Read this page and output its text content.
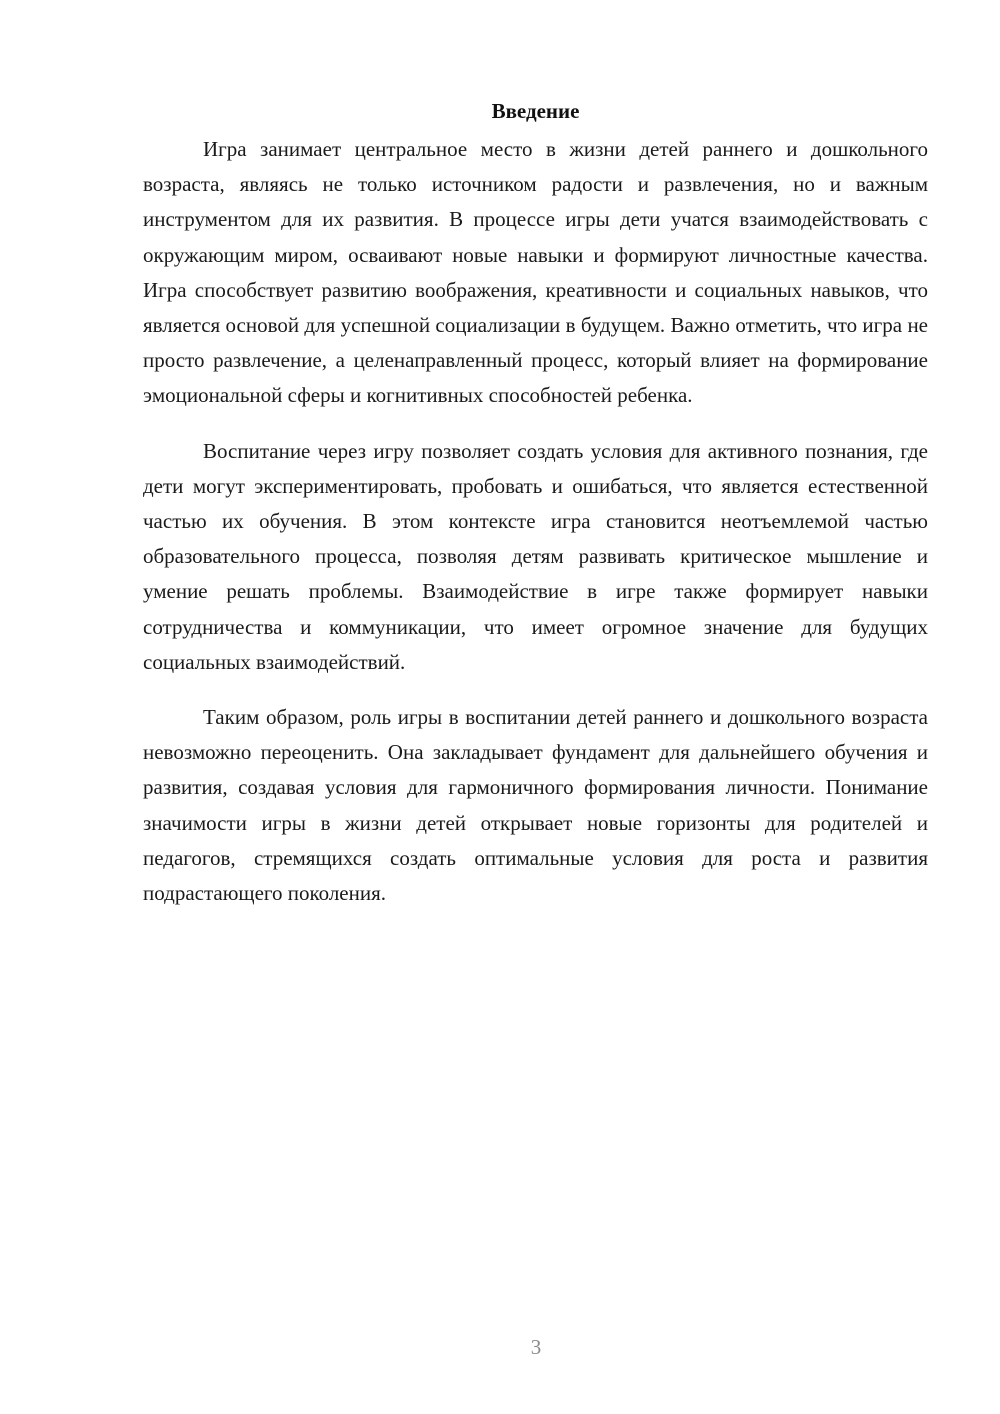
Введение

Игра занимает центральное место в жизни детей раннего и дошкольного возраста, являясь не только источником радости и развлечения, но и важным инструментом для их развития. В процессе игры дети учатся взаимодействовать с окружающим миром, осваивают новые навыки и формируют личностные качества. Игра способствует развитию воображения, креативности и социальных навыков, что является основой для успешной социализации в будущем. Важно отметить, что игра не просто развлечение, а целенаправленный процесс, который влияет на формирование эмоциональной сферы и когнитивных способностей ребенка.

Воспитание через игру позволяет создать условия для активного познания, где дети могут экспериментировать, пробовать и ошибаться, что является естественной частью их обучения. В этом контексте игра становится неотъемлемой частью образовательного процесса, позволяя детям развивать критическое мышление и умение решать проблемы. Взаимодействие в игре также формирует навыки сотрудничества и коммуникации, что имеет огромное значение для будущих социальных взаимодействий.

Таким образом, роль игры в воспитании детей раннего и дошкольного возраста невозможно переоценить. Она закладывает фундамент для дальнейшего обучения и развития, создавая условия для гармоничного формирования личности. Понимание значимости игры в жизни детей открывает новые горизонты для родителей и педагогов, стремящихся создать оптимальные условия для роста и развития подрастающего поколения.

3
